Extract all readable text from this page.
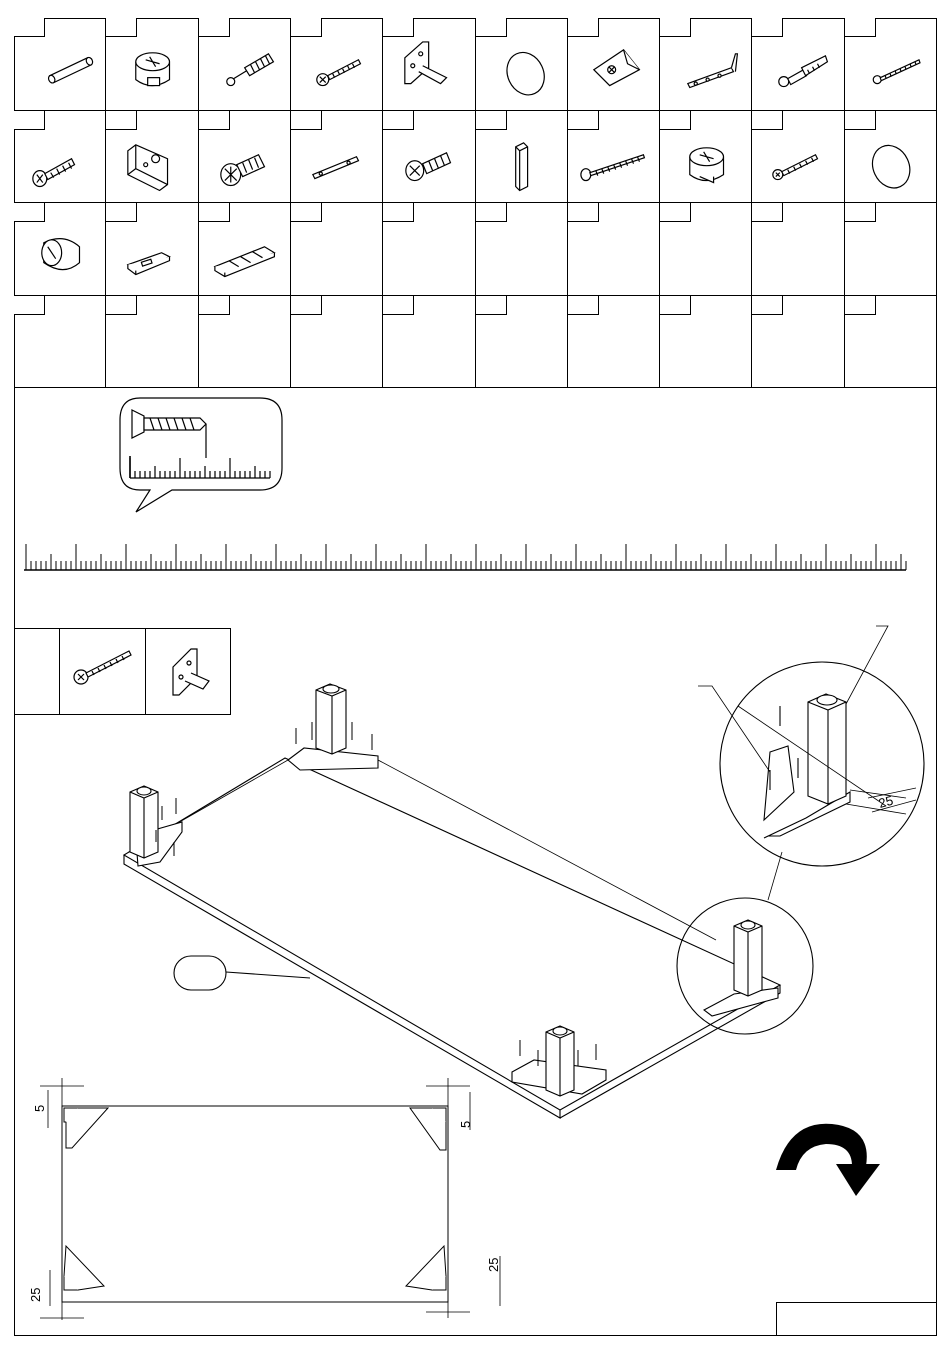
25
5
5
25
25
